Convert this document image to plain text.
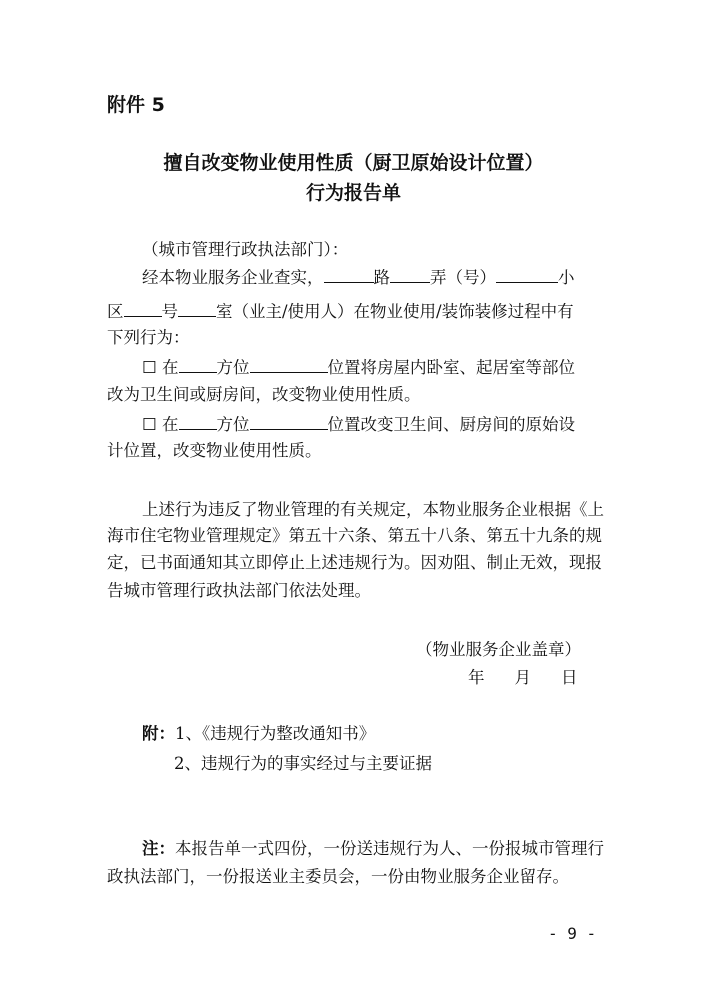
附件 5
擅自改变物业使用性质（厨卫原始设计位置）
行为报告单
（城市管理行政执法部门）：
经本物业服务企业查实，	路 弄（号）	小
区 号 室（业主/使用人）在物业使用/装饰装修过程中有
下列行为：
☐ 在 方位	位置将房屋内卧室、起居室等部位
改为卫生间或厨房间，改变物业使用性质。
☐ 在 方位	位置改变卫生间、厨房间的原始设
计位置，改变物业使用性质。
上述行为违反了物业管理的有关规定，本物业服务企业根据《上
海市住宅物业管理规定》第五十六条、第五十八条、第五十九条的规
定，已书面通知其立即停止上述违规行为。因劝阻、制止无效，现报
告城市管理行政执法部门依法处理。
（物业服务企业盖章）
年 月 日
附：1、《违规行为整改通知书》
2、违规行为的事实经过与主要证据
注：本报告单一式四份，一份送违规行为人、一份报城市管理行
政执法部门，一份报送业主委员会，一份由物业服务企业留存。
- 9 -
